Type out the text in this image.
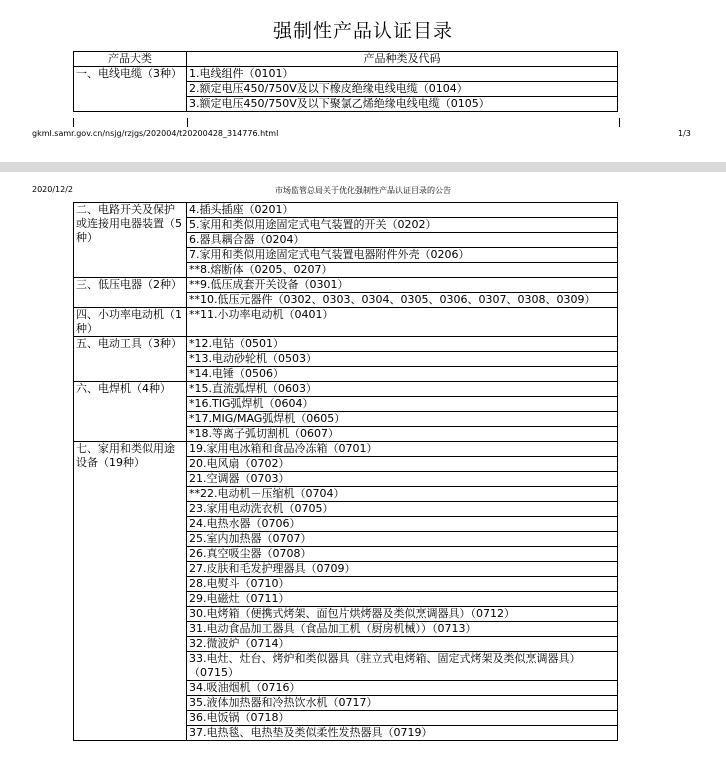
强制性产品认证目录
产品大类	产品种类及代码
一、电线电缆（3种）	1.电线组件（0101）
	2.额定电压450/750V及以下橡皮绝缘电线电缆（0104）
	3.额定电压450/750V及以下聚氯乙烯绝缘电线电缆（0105）
gkml.samr.gov.cn/nsjg/rzjgs/202004/t20200428_314776.html	1/3
2020/12/2	市场监管总局关于优化强制性产品认证目录的公告
二、电路开关及保护或连接用电器装置（5种）	4.插头插座（0201）
	5.家用和类似用途固定式电气装置的开关（0202）
	6.器具耦合器（0204）
	7.家用和类似用途固定式电气装置电器附件外壳（0206）
	**8.熔断体（0205、0207）
三、低压电器（2种）	**9.低压成套开关设备（0301）
	**10.低压元器件（0302、0303、0304、0305、0306、0307、0308、0309）
四、小功率电动机（1种）	**11.小功率电动机（0401）
五、电动工具（3种）	*12.电钻（0501）
	*13.电动砂轮机（0503）
	*14.电锤（0506）
六、电焊机（4种）	*15.直流弧焊机（0603）
	*16.TIG弧焊机（0604）
	*17.MIG/MAG弧焊机（0605）
	*18.等离子弧切割机（0607）
七、家用和类似用途设备（19种）	19.家用电冰箱和食品冷冻箱（0701）
	20.电风扇（0702）
	21.空调器（0703）
	**22.电动机－压缩机（0704）
	23.家用电动洗衣机（0705）
	24.电热水器（0706）
	25.室内加热器（0707）
	26.真空吸尘器（0708）
	27.皮肤和毛发护理器具（0709）
	28.电熨斗（0710）
	29.电磁灶（0711）
	30.电烤箱（便携式烤架、面包片烘烤器及类似烹调器具）（0712）
	31.电动食品加工器具（食品加工机（厨房机械））（0713）
	32.微波炉（0714）
	33.电灶、灶台、烤炉和类似器具（驻立式电烤箱、固定式烤架及类似烹调器具）（0715）
	34.吸油烟机（0716）
	35.液体加热器和冷热饮水机（0717）
	36.电饭锅（0718）
	37.电热毯、电热垫及类似柔性发热器具（0719）
